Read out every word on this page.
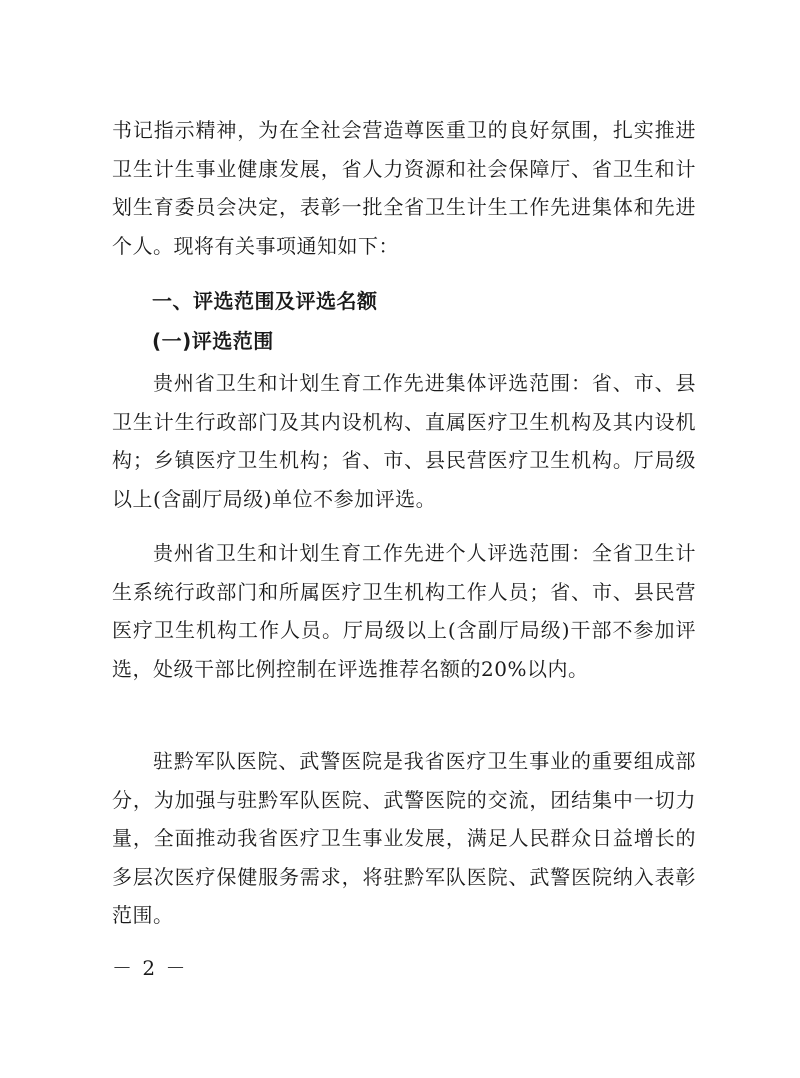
书记指示精神，为在全社会营造尊医重卫的良好氛围，扎实推进卫生计生事业健康发展，省人力资源和社会保障厅、省卫生和计划生育委员会决定，表彰一批全省卫生计生工作先进集体和先进个人。现将有关事项通知如下：

一、评选范围及评选名额

(一)评选范围

贵州省卫生和计划生育工作先进集体评选范围：省、市、县卫生计生行政部门及其内设机构、直属医疗卫生机构及其内设机构；乡镇医疗卫生机构；省、市、县民营医疗卫生机构。厅局级以上(含副厅局级)单位不参加评选。

贵州省卫生和计划生育工作先进个人评选范围：全省卫生计生系统行政部门和所属医疗卫生机构工作人员；省、市、县民营医疗卫生机构工作人员。厅局级以上(含副厅局级)干部不参加评选，处级干部比例控制在评选推荐名额的20%以内。

驻黔军队医院、武警医院是我省医疗卫生事业的重要组成部分，为加强与驻黔军队医院、武警医院的交流，团结集中一切力量，全面推动我省医疗卫生事业发展，满足人民群众日益增长的多层次医疗保健服务需求，将驻黔军队医院、武警医院纳入表彰范围。

－ 2 －
